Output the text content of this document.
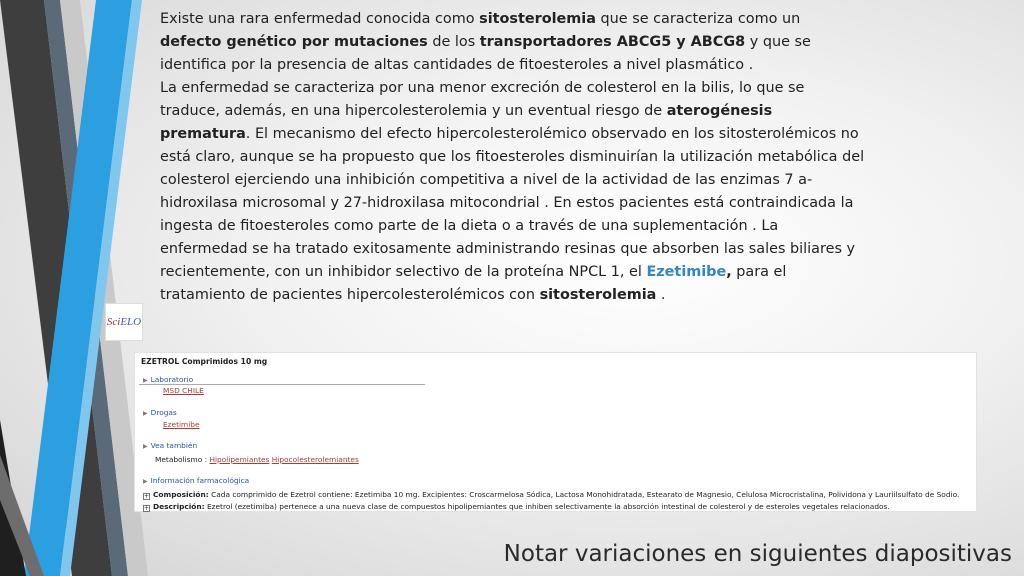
Existe una rara enfermedad conocida como sitosterolemia que se caracteriza como un defecto genético por mutaciones de los transportadores ABCG5 y ABCG8 y que se identifica por la presencia de altas cantidades de fitoesteroles a nivel plasmático .

La enfermedad se caracteriza por una menor excreción de colesterol en la bilis, lo que se traduce, además, en una hipercolesterolemia y un eventual riesgo de aterogénesis prematura. El mecanismo del efecto hipercolesterolémico observado en los sitosterolémicos no está claro, aunque se ha propuesto que los fitoesteroles disminuirían la utilización metabólica del colesterol ejerciendo una inhibición competitiva a nivel de la actividad de las enzimas 7 a-hidroxilasa microsomal y 27-hidroxilasa mitocondrial . En estos pacientes está contraindicada la ingesta de fitoesteroles como parte de la dieta o a través de una suplementación . La enfermedad se ha tratado exitosamente administrando resinas que absorben las sales biliares y recientemente, con un inhibidor selectivo de la proteína NPCL 1, el Ezetimibe, para el tratamiento de pacientes hipercolesterolémicos con sitosterolemia .

Sci ELO
EZETROL Comprimidos 10 mg
▶ Laboratorio
MSD CHILE
▶ Drogas
Ezetimibe
▶ Vea también
Metabolismo : Hipolipemiantes Hipocolesterolemiantes
▶ Información farmacológica
+ Composición: Cada comprimido de Ezetrol contiene: Ezetimiba 10 mg. Excipientes: Croscarmelosa Sódica, Lactosa Monohidratada, Estearato de Magnesio, Celulosa Microcristalina, Polividona y Lauriilsulfato de Sodio.
+ Descripción: Ezetrol (ezetimiba) pertenece a una nueva clase de compuestos hipolipemiantes que inhiben selectivamente la absorción intestinal de colesterol y de esteroles vegetales relacionados.
Notar variaciones en siguientes diapositivas
